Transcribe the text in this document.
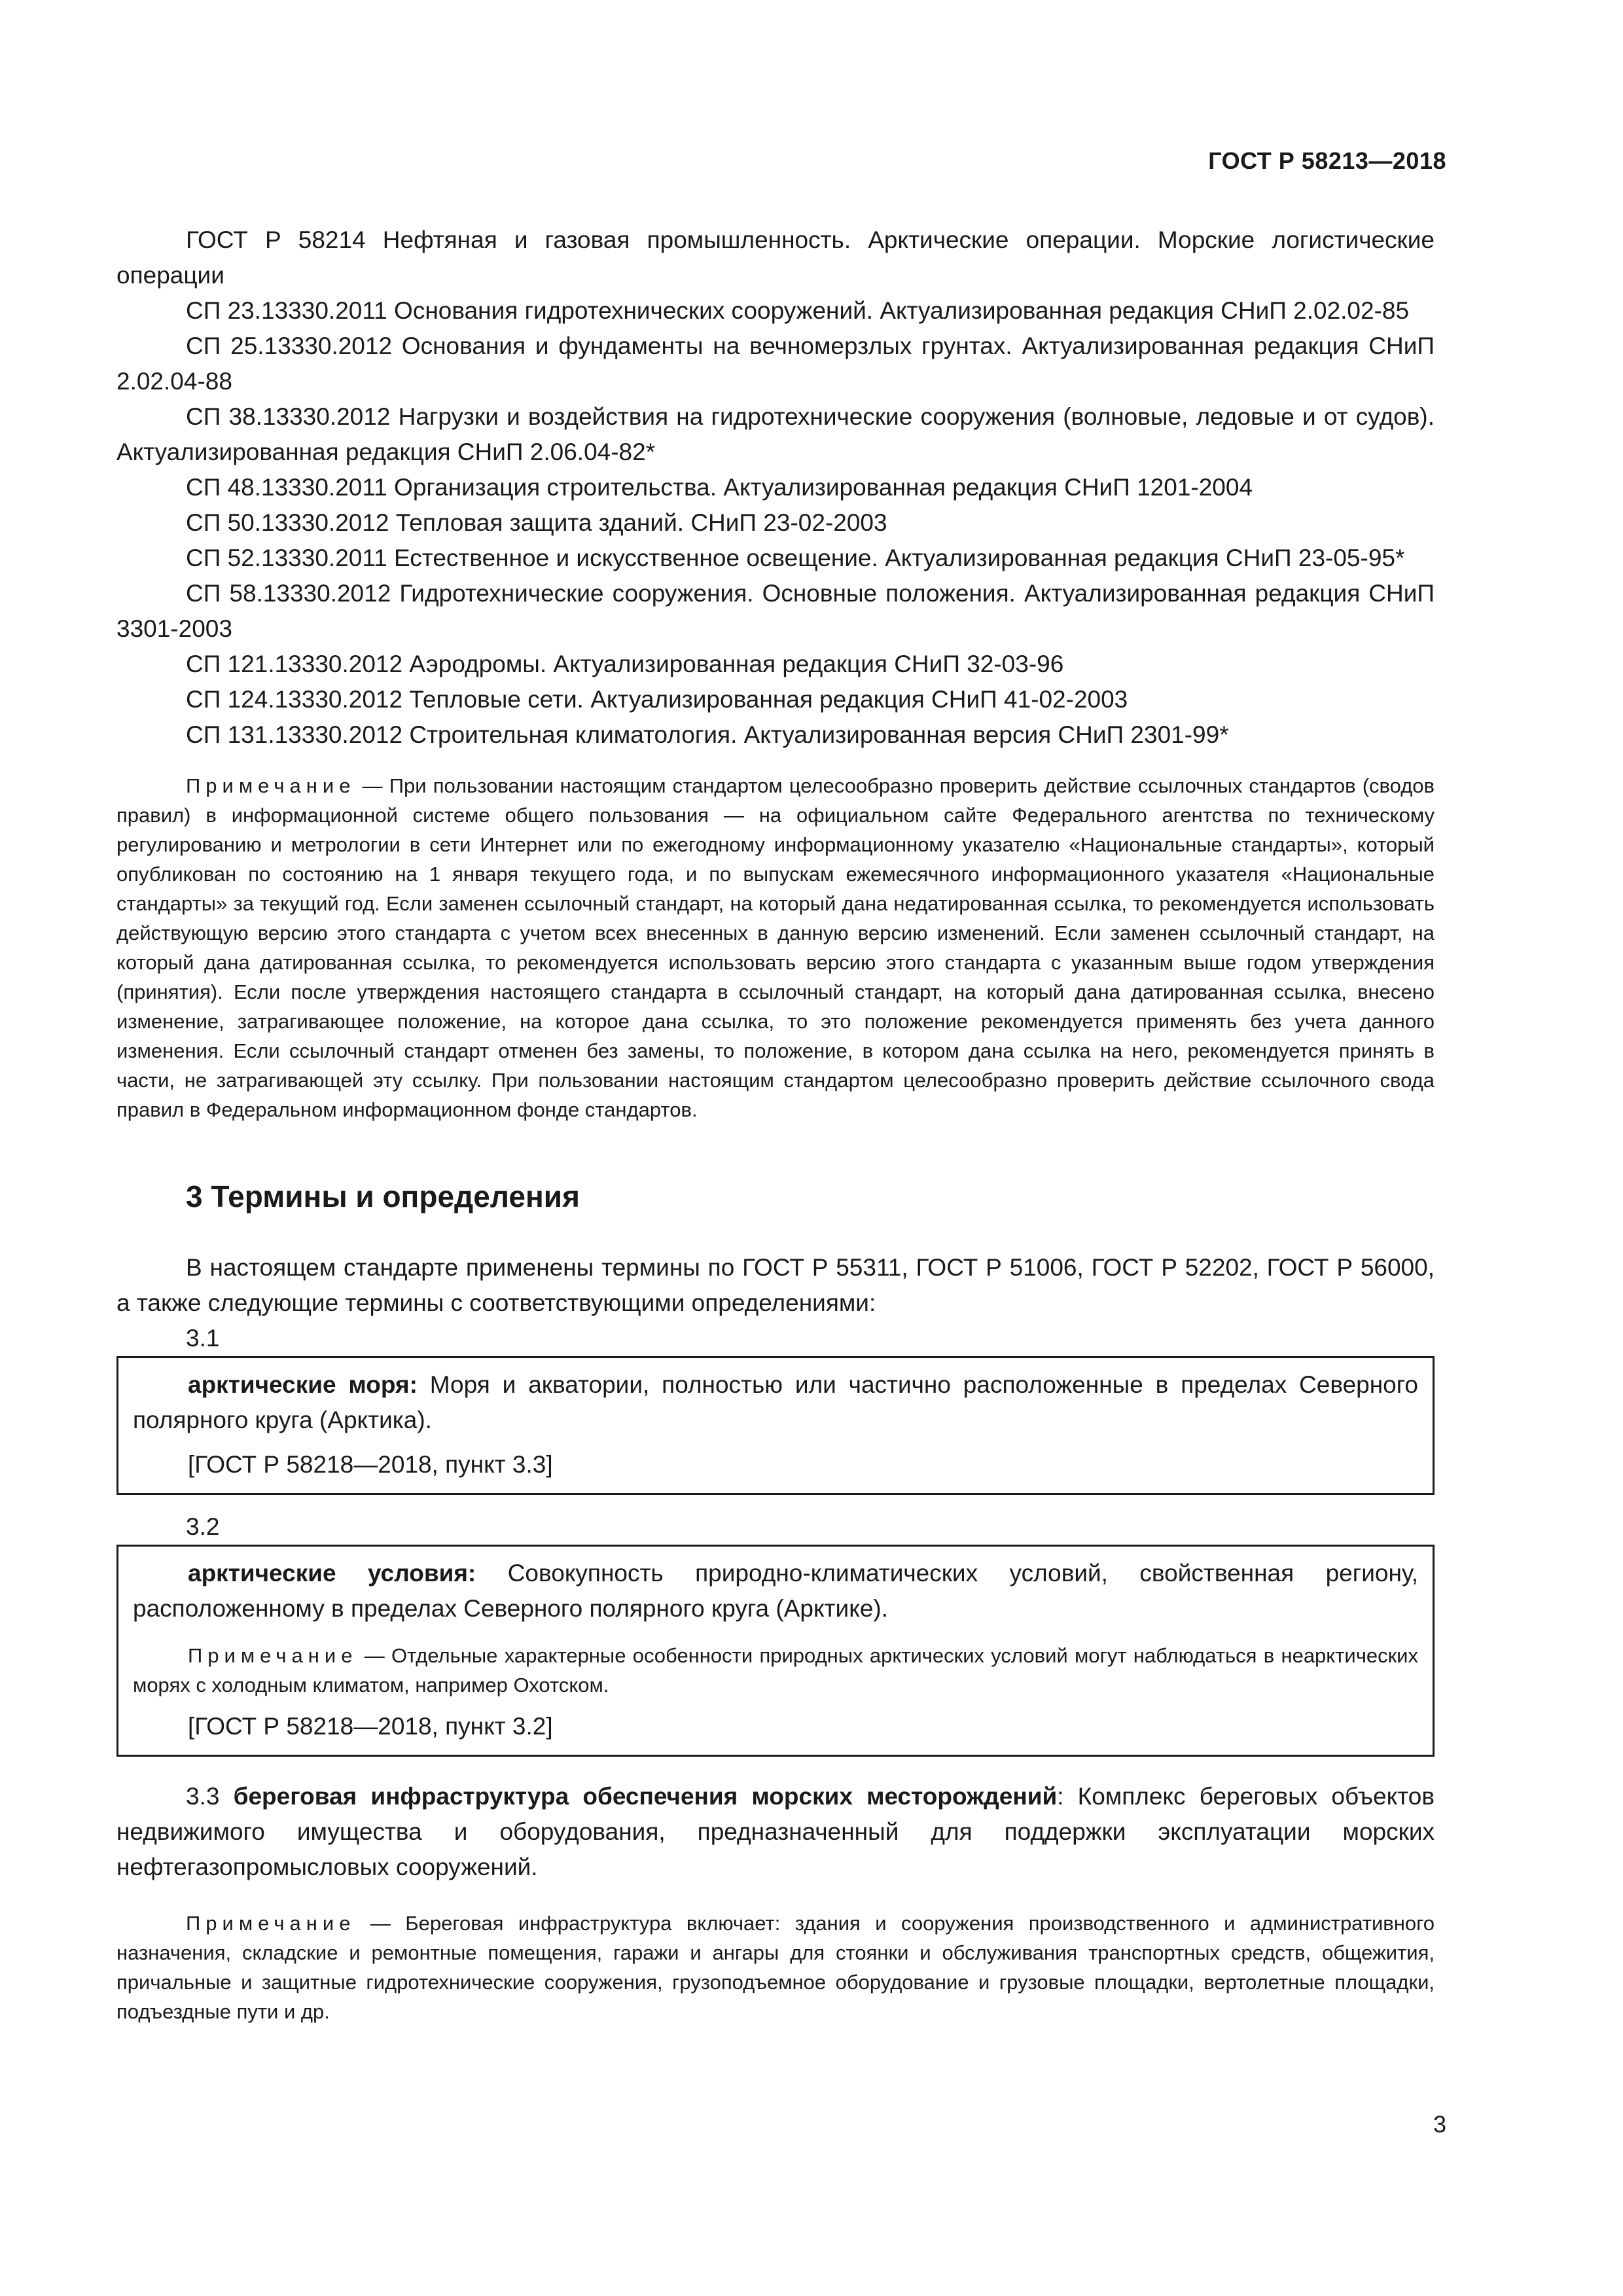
ГОСТ Р 58213—2018

ГОСТ Р 58214 Нефтяная и газовая промышленность. Арктические операции. Морские логистические операции

СП 23.13330.2011 Основания гидротехнических сооружений. Актуализированная редакция СНиП 2.02.02-85

СП 25.13330.2012 Основания и фундаменты на вечномерзлых грунтах. Актуализированная редакция СНиП 2.02.04-88

СП 38.13330.2012 Нагрузки и воздействия на гидротехнические сооружения (волновые, ледовые и от судов). Актуализированная редакция СНиП 2.06.04-82*

СП 48.13330.2011 Организация строительства. Актуализированная редакция СНиП 1201-2004

СП 50.13330.2012 Тепловая защита зданий. СНиП 23-02-2003

СП 52.13330.2011 Естественное и искусственное освещение. Актуализированная редакция СНиП 23-05-95*

СП 58.13330.2012 Гидротехнические сооружения. Основные положения. Актуализированная редакция СНиП 3301-2003

СП 121.13330.2012 Аэродромы. Актуализированная редакция СНиП 32-03-96

СП 124.13330.2012 Тепловые сети. Актуализированная редакция СНиП 41-02-2003

СП 131.13330.2012 Строительная климатология. Актуализированная версия СНиП 2301-99*

Примечание — При пользовании настоящим стандартом целесообразно проверить действие ссылочных стандартов (сводов правил) в информационной системе общего пользования — на официальном сайте Федерального агентства по техническому регулированию и метрологии в сети Интернет или по ежегодному информационному указателю «Национальные стандарты», который опубликован по состоянию на 1 января текущего года, и по выпускам ежемесячного информационного указателя «Национальные стандарты» за текущий год. Если заменен ссылочный стандарт, на который дана недатированная ссылка, то рекомендуется использовать действующую версию этого стандарта с учетом всех внесенных в данную версию изменений. Если заменен ссылочный стандарт, на который дана датированная ссылка, то рекомендуется использовать версию этого стандарта с указанным выше годом утверждения (принятия). Если после утверждения настоящего стандарта в ссылочный стандарт, на который дана датированная ссылка, внесено изменение, затрагивающее положение, на которое дана ссылка, то это положение рекомендуется применять без учета данного изменения. Если ссылочный стандарт отменен без замены, то положение, в котором дана ссылка на него, рекомендуется принять в части, не затрагивающей эту ссылку. При пользовании настоящим стандартом целесообразно проверить действие ссылочного свода правил в Федеральном информационном фонде стандартов.

3 Термины и определения

В настоящем стандарте применены термины по ГОСТ Р 55311, ГОСТ Р 51006, ГОСТ Р 52202, ГОСТ Р 56000, а также следующие термины с соответствующими определениями:

3.1

арктические моря: Моря и акватории, полностью или частично расположенные в пределах Северного полярного круга (Арктика).

[ГОСТ Р 58218—2018, пункт 3.3]

3.2

арктические условия: Совокупность природно-климатических условий, свойственная региону, расположенному в пределах Северного полярного круга (Арктике).

Примечание — Отдельные характерные особенности природных арктических условий могут наблюдаться в неарктических морях с холодным климатом, например Охотском.

[ГОСТ Р 58218—2018, пункт 3.2]

3.3 береговая инфраструктура обеспечения морских месторождений: Комплекс береговых объектов недвижимого имущества и оборудования, предназначенный для поддержки эксплуатации морских нефтегазопромысловых сооружений.

Примечание — Береговая инфраструктура включает: здания и сооружения производственного и административного назначения, складские и ремонтные помещения, гаражи и ангары для стоянки и обслуживания транспортных средств, общежития, причальные и защитные гидротехнические сооружения, грузоподъемное оборудование и грузовые площадки, вертолетные площадки, подъездные пути и др.

3
